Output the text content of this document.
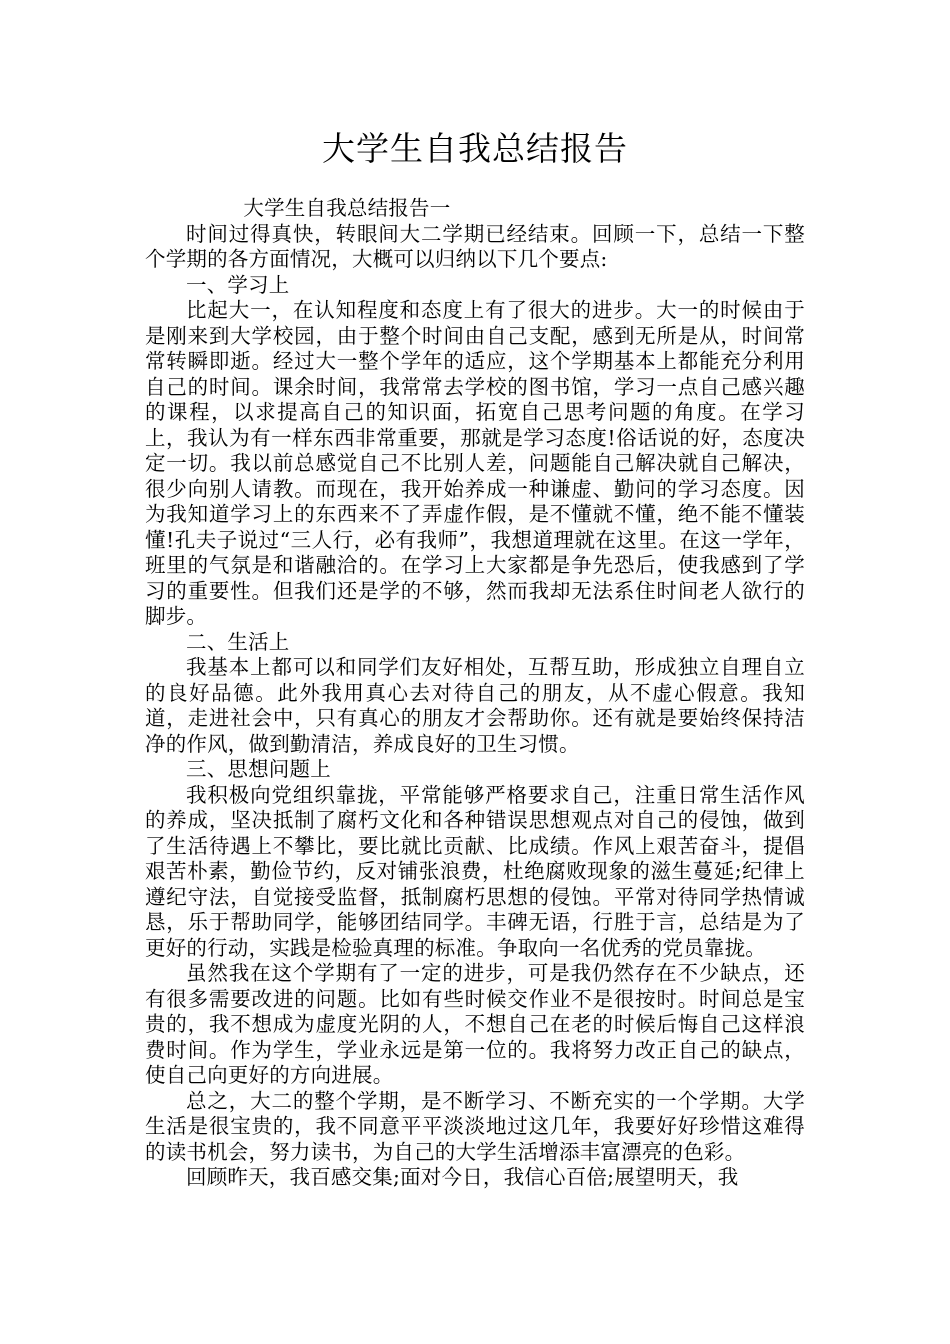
大学生自我总结报告

大学生自我总结报告一

时间过得真快，转眼间大二学期已经结束。回顾一下，总结一下整个学期的各方面情况，大概可以归纳以下几个要点:

一、学习上

比起大一，在认知程度和态度上有了很大的进步。大一的时候由于是刚来到大学校园，由于整个时间由自己支配，感到无所是从，时间常常转瞬即逝。经过大一整个学年的适应，这个学期基本上都能充分利用自己的时间。课余时间，我常常去学校的图书馆，学习一点自己感兴趣的课程，以求提高自己的知识面，拓宽自己思考问题的角度。在学习上，我认为有一样东西非常重要，那就是学习态度!俗话说的好，态度决定一切。我以前总感觉自己不比别人差，问题能自己解决就自己解决，很少向别人请教。而现在，我开始养成一种谦虚、勤问的学习态度。因为我知道学习上的东西来不了弄虚作假，是不懂就不懂，绝不能不懂装懂!孔夫子说过“三人行，必有我师”，我想道理就在这里。在这一学年，班里的气氛是和谐融洽的。在学习上大家都是争先恐后，使我感到了学习的重要性。但我们还是学的不够，然而我却无法系住时间老人欲行的脚步。

二、生活上

我基本上都可以和同学们友好相处，互帮互助，形成独立自理自立的良好品德。此外我用真心去对待自己的朋友，从不虚心假意。我知道，走进社会中，只有真心的朋友才会帮助你。还有就是要始终保持洁净的作风，做到勤清洁，养成良好的卫生习惯。

三、思想问题上

我积极向党组织靠拢，平常能够严格要求自己，注重日常生活作风的养成，坚决抵制了腐朽文化和各种错误思想观点对自己的侵蚀，做到了生活待遇上不攀比，要比就比贡献、比成绩。作风上艰苦奋斗，提倡艰苦朴素，勤俭节约，反对铺张浪费，杜绝腐败现象的滋生蔓延;纪律上遵纪守法，自觉接受监督，抵制腐朽思想的侵蚀。平常对待同学热情诚恳，乐于帮助同学，能够团结同学。丰碑无语，行胜于言，总结是为了更好的行动，实践是检验真理的标准。争取向一名优秀的党员靠拢。

虽然我在这个学期有了一定的进步，可是我仍然存在不少缺点，还有很多需要改进的问题。比如有些时候交作业不是很按时。时间总是宝贵的，我不想成为虚度光阴的人，不想自己在老的时候后悔自己这样浪费时间。作为学生，学业永远是第一位的。我将努力改正自己的缺点，使自己向更好的方向进展。

总之，大二的整个学期，是不断学习、不断充实的一个学期。大学生活是很宝贵的，我不同意平平淡淡地过这几年，我要好好珍惜这难得的读书机会，努力读书，为自己的大学生活增添丰富漂亮的色彩。

回顾昨天，我百感交集;面对今日，我信心百倍;展望明天，我
